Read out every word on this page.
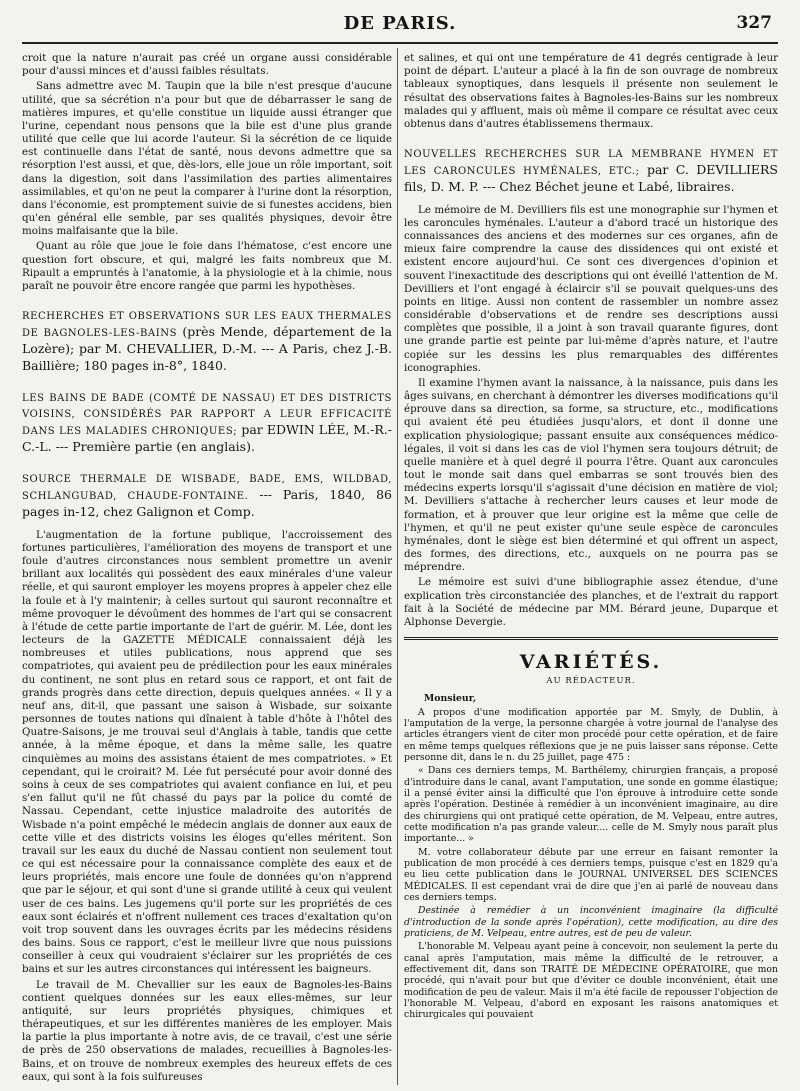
DE PARIS.	327

croit que la nature n'aurait pas créé un organe aussi considérable pour d'aussi minces et d'aussi faibles résultats.

Sans admettre avec M. Taupin que la bile n'est presque d'aucune utilité, que sa sécrétion n'a pour but que de débarrasser le sang de matières impures, et qu'elle constitue un liquide aussi étranger que l'urine, cependant nous pensons que la bile est d'une plus grande utilité que celle que lui acorde l'auteur. Si la sécrétion de ce liquide est continuelle dans l'état de santé, nous devons admettre que sa résorption l'est aussi, et que, dès-lors, elle joue un rôle important, soit dans la digestion, soit dans l'assimilation des parties alimentaires assimilables, et qu'on ne peut la comparer à l'urine dont la résorption, dans l'économie, est promptement suivie de si funestes accidens, bien qu'en général elle semble, par ses qualités physiques, devoir être moins malfaisante que la bile.

Quant au rôle que joue le foie dans l'hématose, c'est encore une question fort obscure, et qui, malgré les faits nombreux que M. Ripault a empruntés à l'anatomie, à la physiologie et à la chimie, nous paraît ne pouvoir être encore rangée que parmi les hypothèses.

RECHERCHES ET OBSERVATIONS SUR LES EAUX THERMALES DE BAGNOLES-LES-BAINS (près Mende, département de la Lozère); par M. CHEVALLIER, D.-M. --- A Paris, chez J.-B. Baillière; 180 pages in-8°, 1840.
LES BAINS DE BADE (COMTÉ DE NASSAU) ET DES DISTRICTS VOISINS, CONSIDÉRÉS PAR RAPPORT A LEUR EFFICACITÉ DANS LES MALADIES CHRONIQUES; par EDWIN LÉE, M.-R.-C.-L. --- Première partie (en anglais).
SOURCE THERMALE DE WISBADE, BADE, EMS, WILDBAD, SCHLANGUBAD, CHAUDE-FONTAINE. --- Paris, 1840, 86 pages in-12, chez Galignon et Comp.

L'augmentation de la fortune publique, l'accroissement des fortunes particulières, l'amélioration des moyens de transport et une foule d'autres circonstances nous semblent promettre un avenir brillant aux localités qui possèdent des eaux minérales d'une valeur réelle, et qui sauront employer les moyens propres à appeler chez elle la foule et à l'y maintenir; à celles surtout qui sauront reconnaître et même provoquer le dévoûment des hommes de l'art qui se consacrent à l'étude de cette partie importante de l'art de guérir. M. Lée, dont les lecteurs de la GAZETTE MÉDICALE connaissaient déjà les nombreuses et utiles publications, nous apprend que ses compatriotes, qui avaient peu de prédilection pour les eaux minérales du continent, ne sont plus en retard sous ce rapport, et ont fait de grands progrès dans cette direction, depuis quelques années. « Il y a neuf ans, dit-il, que passant une saison à Wisbade, sur soixante personnes de toutes nations qui dînaient à table d'hôte à l'hôtel des Quatre-Saisons, je me trouvai seul d'Anglais à table, tandis que cette année, à la même époque, et dans la même salle, les quatre cinquièmes au moins des assistans étaient de mes compatriotes. » Et cependant, qui le croirait? M. Lée fut persécuté pour avoir donné des soins à ceux de ses compatriotes qui avaient confiance en lui, et peu s'en fallut qu'il ne fût chassé du pays par la police du comté de Nassau. Cependant, cette injustice maladroite des autorités de Wisbade n'a point empêché le médecin anglais de donner aux eaux de cette ville et des districts voisins les éloges qu'elles méritent. Son travail sur les eaux du duché de Nassau contient non seulement tout ce qui est nécessaire pour la connaissance complète des eaux et de leurs propriétés, mais encore une foule de données qu'on n'apprend que par le séjour, et qui sont d'une si grande utilité à ceux qui veulent user de ces bains. Les jugemens qu'il porte sur les propriétés de ces eaux sont éclairés et n'offrent nullement ces traces d'exaltation qu'on voit trop souvent dans les ouvrages écrits par les médecins résidens des bains. Sous ce rapport, c'est le meilleur livre que nous puissions conseiller à ceux qui voudraient s'éclairer sur les propriétés de ces bains et sur les autres circonstances qui intéressent les baigneurs.

Le travail de M. Chevallier sur les eaux de Bagnoles-les-Bains contient quelques données sur les eaux elles-mêmes, sur leur antiquité, sur leurs propriétés physiques, chimiques et thérapeutiques, et sur les différentes manières de les employer. Mais la partie la plus importante à notre avis, de ce travail, c'est une série de près de 250 observations de malades, recueillies à Bagnoles-les-Bains, et on trouve de nombreux exemples des heureux effets de ces eaux, qui sont à la fois sulfureuses

et salines, et qui ont une température de 41 degrés centigrade à leur point de départ. L'auteur a placé à la fin de son ouvrage de nombreux tableaux synoptiques, dans lesquels il présente non seulement le résultat des observations faites à Bagnoles-les-Bains sur les nombreux malades qui y affluent, mais où même il compare ce résultat avec ceux obtenus dans d'autres établissemens thermaux.

NOUVELLES RECHERCHES SUR LA MEMBRANE HYMEN ET LES CARONCULES HYMÉNALES, ETC.; par C. DEVILLIERS fils, D. M. P. --- Chez Béchet jeune et Labé, libraires.

Le mémoire de M. Devilliers fils est une monographie sur l'hymen et les caroncules hyménales. L'auteur a d'abord tracé un historique des connaissances des anciens et des modernes sur ces organes, afin de mieux faire comprendre la cause des dissidences qui ont existé et existent encore aujourd'hui. Ce sont ces divergences d'opinion et souvent l'inexactitude des descriptions qui ont éveillé l'attention de M. Devilliers et l'ont engagé à éclaircir s'il se pouvait quelques-uns des points en litige. Aussi non content de rassembler un nombre assez considérable d'observations et de rendre ses descriptions aussi complètes que possible, il a joint à son travail quarante figures, dont une grande partie est peinte par lui-même d'après nature, et l'autre copiée sur les dessins les plus remarquables des différentes iconographies.

Il examine l'hymen avant la naissance, à la naissance, puis dans les âges suivans, en cherchant à démontrer les diverses modifications qu'il éprouve dans sa direction, sa forme, sa structure, etc., modifications qui avaient été peu étudiées jusqu'alors, et dont il donne une explication physiologique; passant ensuite aux conséquences médico-légales, il voit si dans les cas de viol l'hymen sera toujours détruit; de quelle manière et à quel degré il pourra l'être. Quant aux caroncules tout le monde sait dans quel embarras se sont trouvés bien des médecins experts lorsqu'il s'agissait d'une décision en matière de viol; M. Devilliers s'attache à rechercher leurs causes et leur mode de formation, et à prouver que leur origine est la même que celle de l'hymen, et qu'il ne peut exister qu'une seule espèce de caroncules hyménales, dont le siège est bien déterminé et qui offrent un aspect, des formes, des directions, etc., auxquels on ne pourra pas se méprendre.

Le mémoire est suivi d'une bibliographie assez étendue, d'une explication très circonstanciée des planches, et de l'extrait du rapport fait à la Société de médecine par MM. Bérard jeune, Duparque et Alphonse Devergie.

VARIÉTÉS.
AU RÉDACTEUR.

Monsieur,

A propos d'une modification apportée par M. Smyly, de Dublin, à l'amputation de la verge, la personne chargée à votre journal de l'analyse des articles étrangers vient de citer mon procédé pour cette opération, et de faire en même temps quelques réflexions que je ne puis laisser sans réponse. Cette personne dit, dans le n. du 25 juillet, page 475 :

« Dans ces derniers temps, M. Barthélemy, chirurgien français, a proposé d'introduire dans le canal, avant l'amputation, une sonde en gomme élastique; il a pensé éviter ainsi la difficulté que l'on éprouve à introduire cette sonde après l'opération. Destinée à remédier à un inconvénient imaginaire, au dire des chirurgiens qui ont pratiqué cette opération, de M. Velpeau, entre autres, cette modification n'a pas grande valeur.... celle de M. Smyly nous paraît plus importante... »

M. votre collaborateur débute par une erreur en faisant remonter la publication de mon procédé à ces derniers temps, puisque c'est en 1829 qu'a eu lieu cette publication dans le JOURNAL UNIVERSEL DES SCIENCES MÉDICALES. Il est cependant vrai de dire que j'en ai parlé de nouveau dans ces derniers temps.

Destinée à remédier à un inconvénient imaginaire (la difficulté d'introduction de la sonde après l'opération), cette modification, au dire des praticiens, de M. Velpeau, entre autres, est de peu de valeur.

L'honorable M. Velpeau ayant peine à concevoir, non seulement la perte du canal après l'amputation, mais même la difficulté de le retrouver, a effectivement dit, dans son TRAITÉ DE MÉDECINE OPÉRATOIRE, que mon procédé, qui n'avait pour but que d'éviter ce double inconvénient, était une modification de peu de valeur. Mais il m'a été facile de repousser l'objection de l'honorable M. Velpeau, d'abord en exposant les raisons anatomiques et chirurgicales qui pouvaient
